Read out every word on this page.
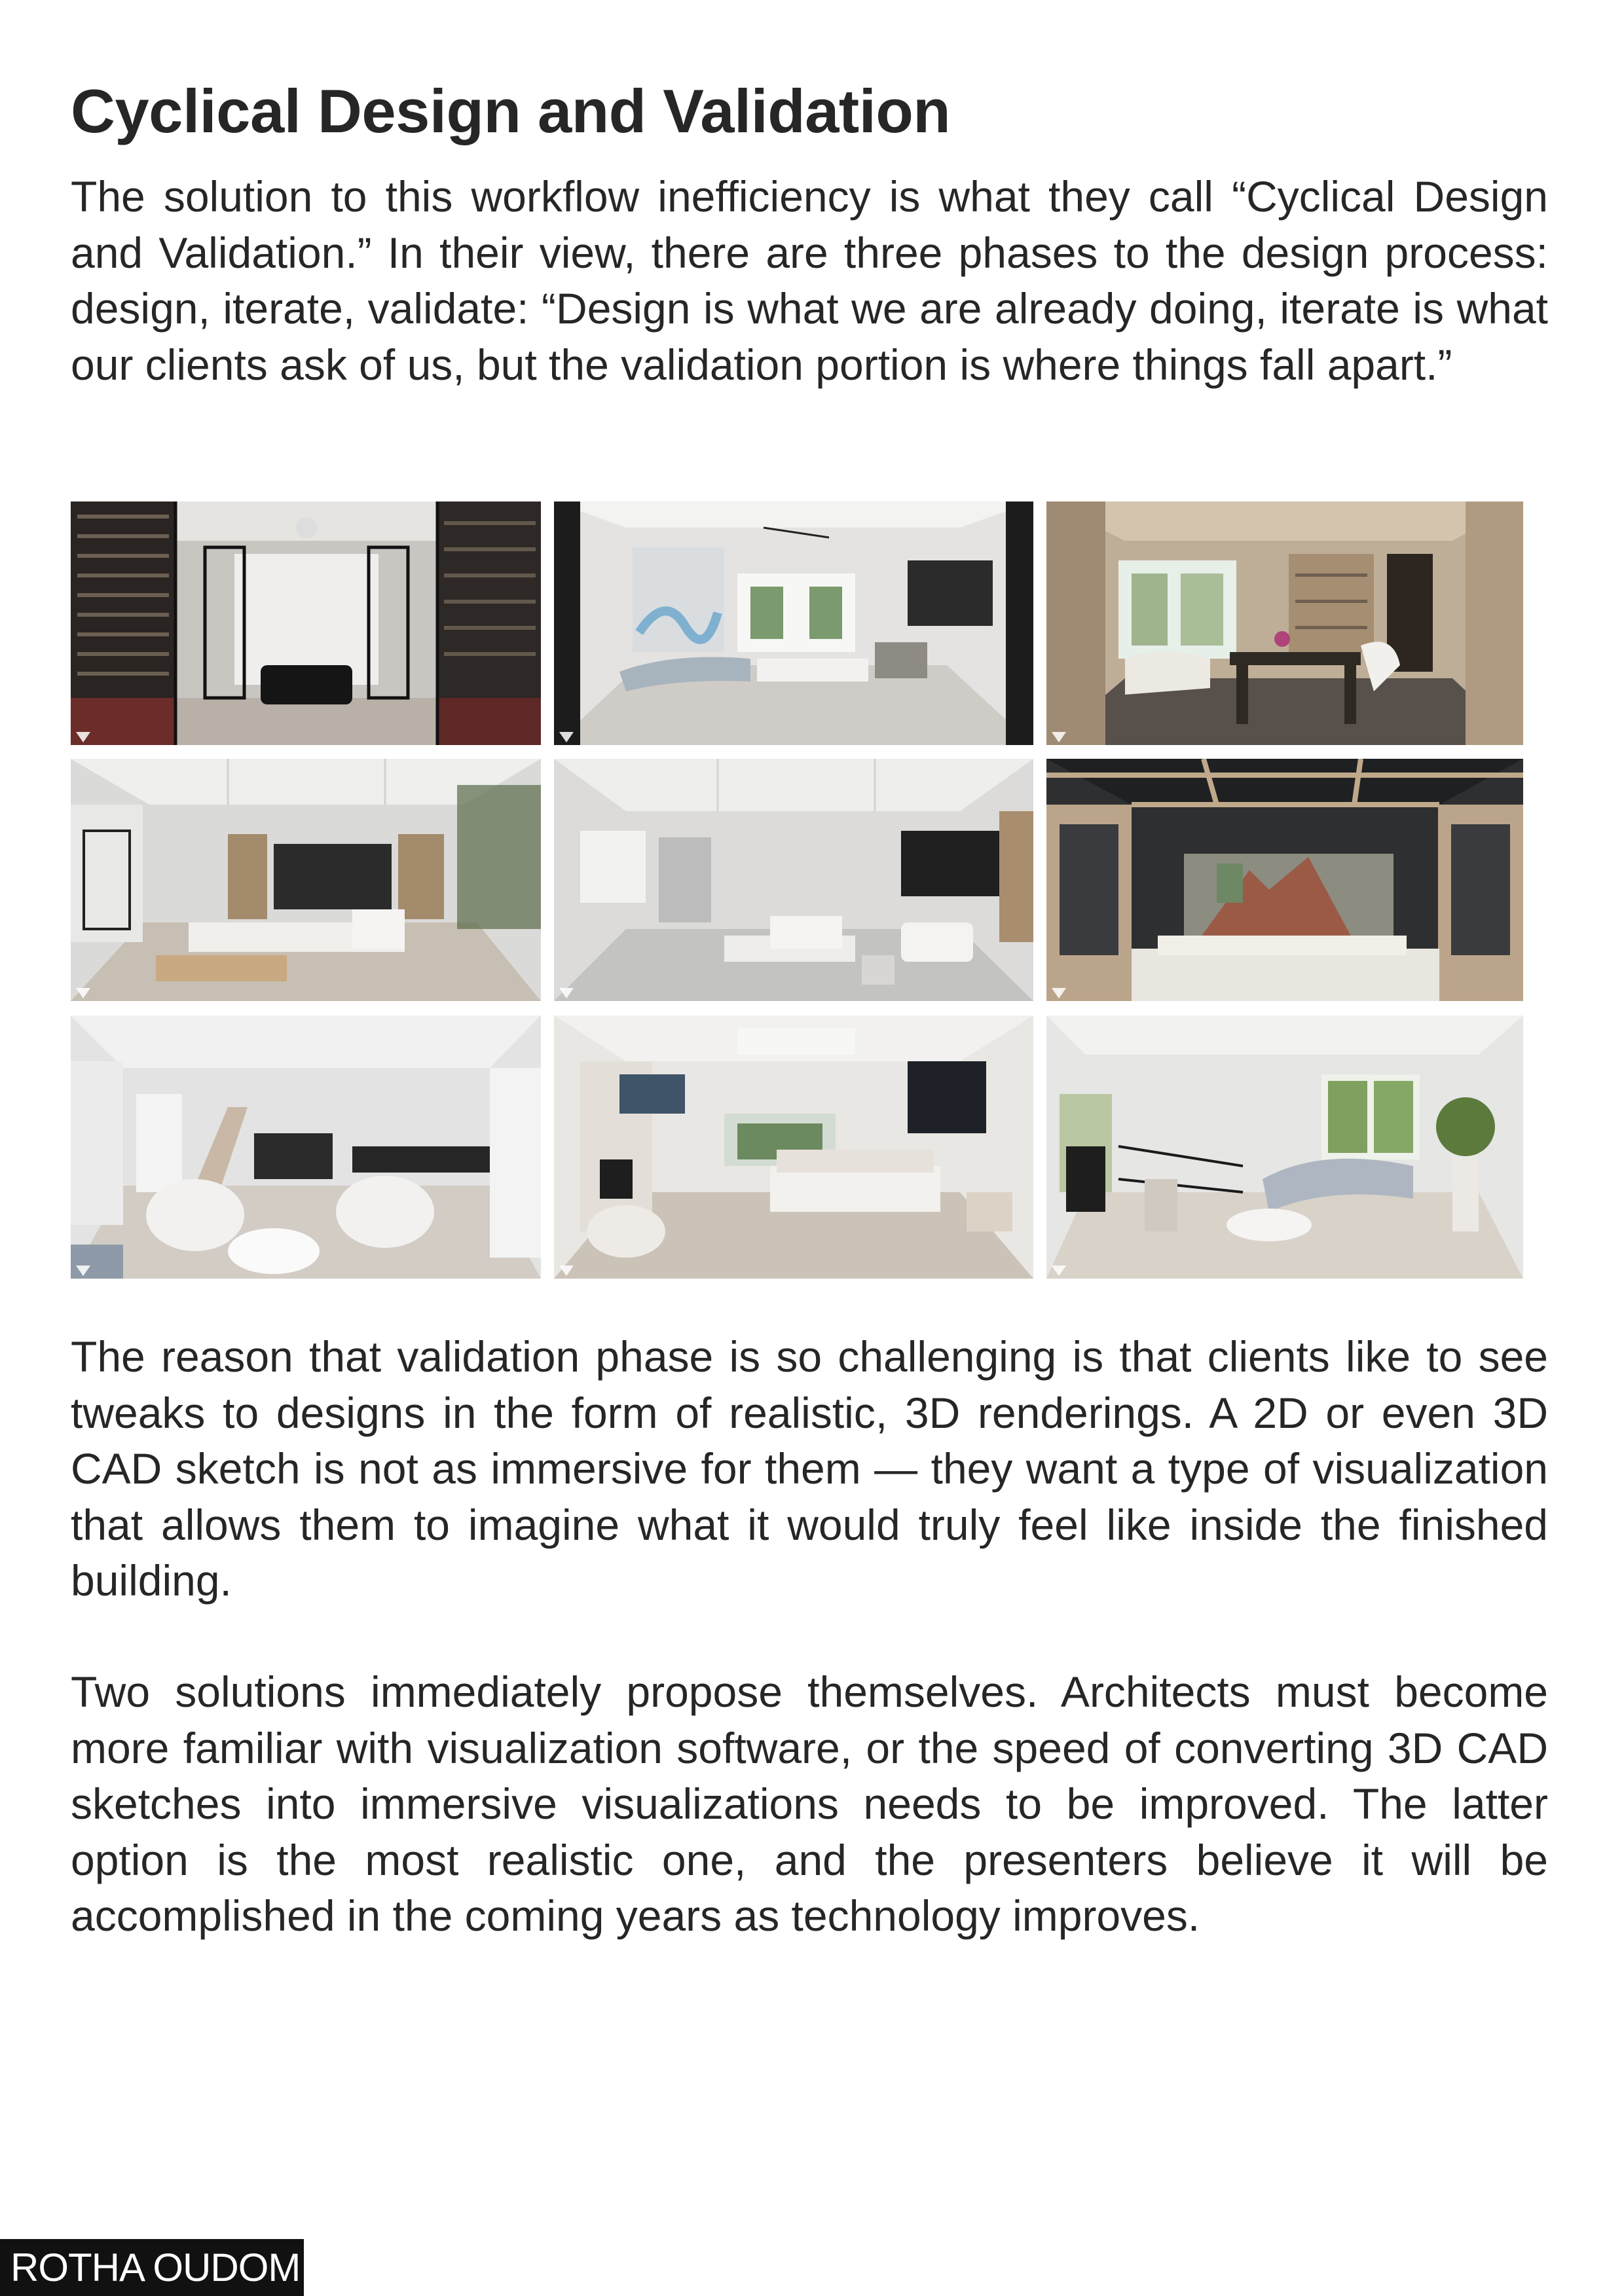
Cyclical Design and Validation

The solution to this workflow inefficiency is what they call “Cyclical Design and Validation.” In their view, there are three phases to the design process: design, iterate, validate: “Design is what we are already doing, iterate is what our clients ask of us, but the validation portion is where things fall apart.”

The reason that validation phase is so challenging is that clients like to see tweaks to designs in the form of realistic, 3D renderings. A 2D or even 3D CAD sketch is not as immersive for them — they want a type of visualization that allows them to imagine what it would truly feel like inside the finished building.

Two solutions immediately propose themselves. Architects must become more familiar with visualization software, or the speed of converting 3D CAD sketches into immersive visualizations needs to be improved. The latter option is the most realistic one, and the presenters believe it will be accomplished in the coming years as technology improves.

ROTHA OUDOM
